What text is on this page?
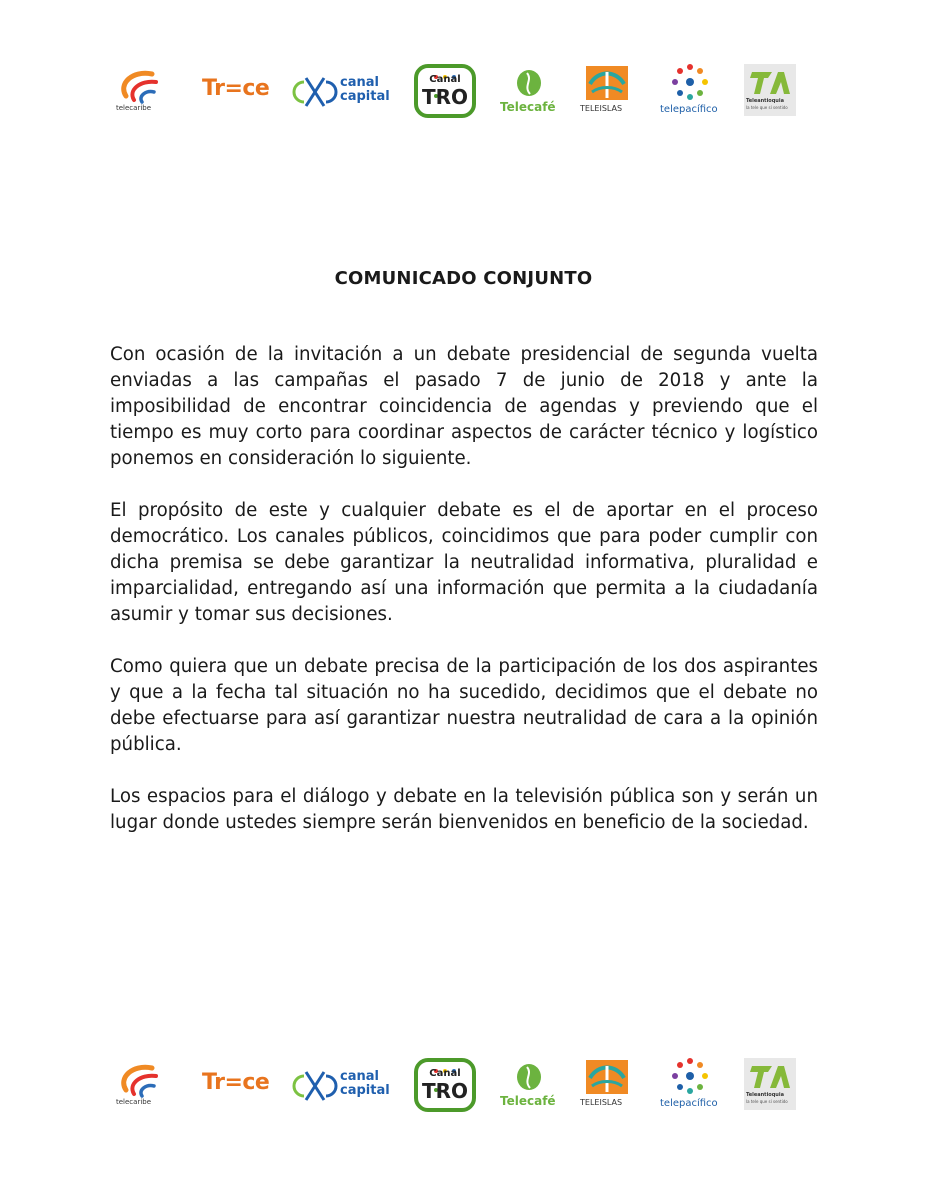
telecaribe
Tr=ce	canal
capital

Canal
TRO	Telecafé	TELEISLAS	telepacífico
Teleantioquia
la tele que sí sentido
COMUNICADO CONJUNTO

Con ocasión de la invitación a un debate presidencial de segunda vuelta enviadas a las campañas el pasado 7 de junio de 2018 y ante la imposibilidad de encontrar coincidencia de agendas y previendo que el tiempo es muy corto para coordinar aspectos de carácter técnico y logístico ponemos en consideración lo siguiente.

El propósito de este y cualquier debate es el de aportar en el proceso democrático. Los canales públicos, coincidimos que para poder cumplir con dicha premisa se debe garantizar la neutralidad informativa, pluralidad e imparcialidad, entregando así una información que permita a la ciudadanía asumir y tomar sus decisiones.

Como quiera que un debate precisa de la participación de los dos aspirantes y que a la fecha tal situación no ha sucedido, decidimos que el debate no debe efectuarse para así garantizar nuestra neutralidad de cara a la opinión pública.

Los espacios para el diálogo y debate en la televisión pública son y serán un lugar donde ustedes siempre serán bienvenidos en beneficio de la sociedad.

telecaribe
Tr=ce	canal
capital

Canal
TRO	Telecafé	TELEISLAS	telepacífico
Teleantioquia
la tele que sí sentido
